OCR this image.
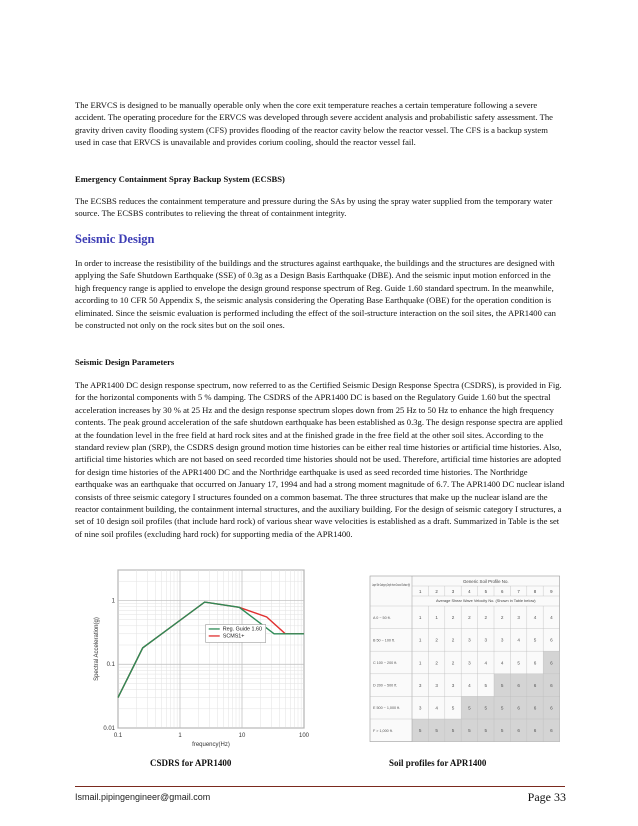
The ERVCS is designed to be manually operable only when the core exit temperature reaches a certain temperature following a severe accident. The operating procedure for the ERVCS was developed through severe accident analysis and probabilistic safety assessment. The gravity driven cavity flooding system (CFS) provides flooding of the reactor cavity below the reactor vessel. The CFS is a backup system used in case that ERVCS is unavailable and provides corium cooling, should the reactor vessel fail.

Emergency Containment Spray Backup System (ECSBS)

The ECSBS reduces the containment temperature and pressure during the SAs by using the spray water supplied from the temporary water source. The ECSBS contributes to relieving the threat of containment integrity.

Seismic Design

In order to increase the resistibility of the buildings and the structures against earthquake, the buildings and the structures are designed with applying the Safe Shutdown Earthquake (SSE) of 0.3g as a Design Basis Earthquake (DBE). And the seismic input motion enforced in the high frequency range is applied to envelope the design ground response spectrum of Reg. Guide 1.60 standard spectrum. In the meanwhile, according to 10 CFR 50 Appendix S, the seismic analysis considering the Operating Base Earthquake (OBE) for the operation condition is eliminated. Since the seismic evaluation is performed including the effect of the soil-structure interaction on the soil sites, the APR1400 can be constructed not only on the rock sites but on the soil ones.

Seismic Design Parameters

The APR1400 DC design response spectrum, now referred to as the Certified Seismic Design Response Spectra (CSDRS), is provided in Fig. for the horizontal components with 5 % damping. The CSDRS of the APR1400 DC is based on the Regulatory Guide 1.60 but the spectral acceleration increases by 30 % at 25 Hz and the design response spectrum slopes down from 25 Hz to 50 Hz to enhance the high frequency contents. The peak ground acceleration of the safe shutdown earthquake has been established as 0.3g. The design response spectra are applied at the foundation level in the free field at hard rock sites and at the finished grade in the free field at the other soil sites. According to the standard review plan (SRP), the CSDRS design ground motion time histories can be either real time histories or artificial time histories. Also, artificial time histories which are not based on seed recorded time histories should not be used. Therefore, artificial time histories are adopted for design time histories of the APR1400 DC and the Northridge earthquake is used as seed recorded time histories. The Northridge earthquake was an earthquake that occurred on January 17, 1994 and had a strong moment magnitude of 6.7. The APR1400 DC nuclear island consists of three seismic category I structures founded on a common basemat. The three structures that make up the nuclear island are the reactor containment building, the containment internal structures, and the auxiliary building. For the design of seismic category I structures, a set of 10 design soil profiles (that include hard rock) of various shear wave velocities is established as a draft. Summarized in Table is the set of nine soil profiles (excluding hard rock) for supporting media of the APR1400.

0.1	1	10	100
0.01
0.1
1
frequency(Hz)
Spectral Acceleration(g)	Reg. Guide 1.60
SCMS1+
Layer Site Category Depth from Ground Surface (ft)
Generic Soil Profile No.
1	2	3	4	5	6	7	8	9
Average Shear Wave Velocity No. (Shown in Table below)
A 0 ~ 50 ft.	1	1	2	2	2	2	3	4	4
B 50 ~ 100 ft.	1	2	2	3	3	3	4	5	6
C 100 ~ 200 ft.	1	2	2	3	4	4	5	6	6
D 200 ~ 500 ft.	3	3	3	4	5	5	6	6	6
E 500 ~ 1,000 ft.	3	4	5	5	5	5	6	6	6
F > 1,000 ft.	5	5	5	5	5	5	6	6	6
CSDRS for APR1400	Soil profiles for APR1400
Ismail.pipingengineer@gmail.com	Page 33
